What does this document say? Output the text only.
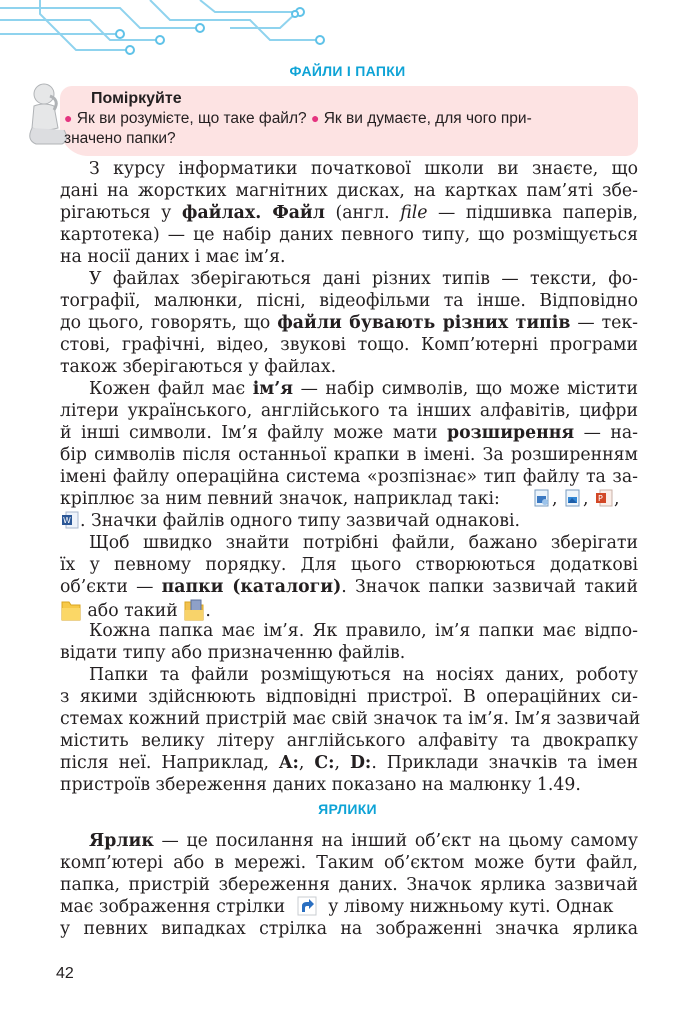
ФАЙЛИ І ПАПКИ
Поміркуйте
● Як ви розумієте, що таке файл? ● Як ви думаєте, для чого при-
значено папки?
З курсу інформатики початкової школи ви знаєте, що
дані на жорстких магнітних дисках, на картках пам’яті збе-
рігаються у файлах. Файл (англ. file — підшивка паперів,
картотека) — це набір даних певного типу, що розміщується
на носії даних і має ім’я.
У файлах зберігаються дані різних типів — тексти, фо-
тографії, малюнки, пісні, відеофільми та інше. Відповідно
до цього, говорять, що файли бувають різних типів — тек-
стові, графічні, відео, звукові тощо. Комп’ютерні програми
також зберігаються у файлах.
Кожен файл має ім’я — набір символів, що може містити
літери українського, англійського та інших алфавітів, цифри
й інші символи. Ім’я файлу може мати розширення — на-
бір символів після останньої крапки в імені. За розширенням
імені файлу операційна система «розпізнає» тип файлу та за-
кріплює за ним певний значок, наприклад такі:	, , P ,
W . Значки файлів одного типу зазвичай однакові.
Щоб швидко знайти потрібні файли, бажано зберігати
їх у певному порядку. Для цього створюються додаткові
об’єкти — папки (каталоги). Значок папки зазвичай такий
або такий .
Кожна папка має ім’я. Як правило, ім’я папки має відпо-
відати типу або призначенню файлів.
Папки та файли розміщуються на носіях даних, роботу
з якими здійснюють відповідні пристрої. В операційних си-
стемах кожний пристрій має свій значок та ім’я. Ім’я зазвичай
містить велику літеру англійського алфавіту та двокрапку
після неї. Наприклад, A:, C:, D:. Приклади значків та імен
пристроїв збереження даних показано на малюнку 1.49.
ЯРЛИКИ
Ярлик — це посилання на інший об’єкт на цьому самому
комп’ютері або в мережі. Таким об’єктом може бути файл,
папка, пристрій збереження даних. Значок ярлика зазвичай
має зображення стрілки у лівому нижньому куті. Однак
у певних випадках стрілка на зображенні значка ярлика
42
